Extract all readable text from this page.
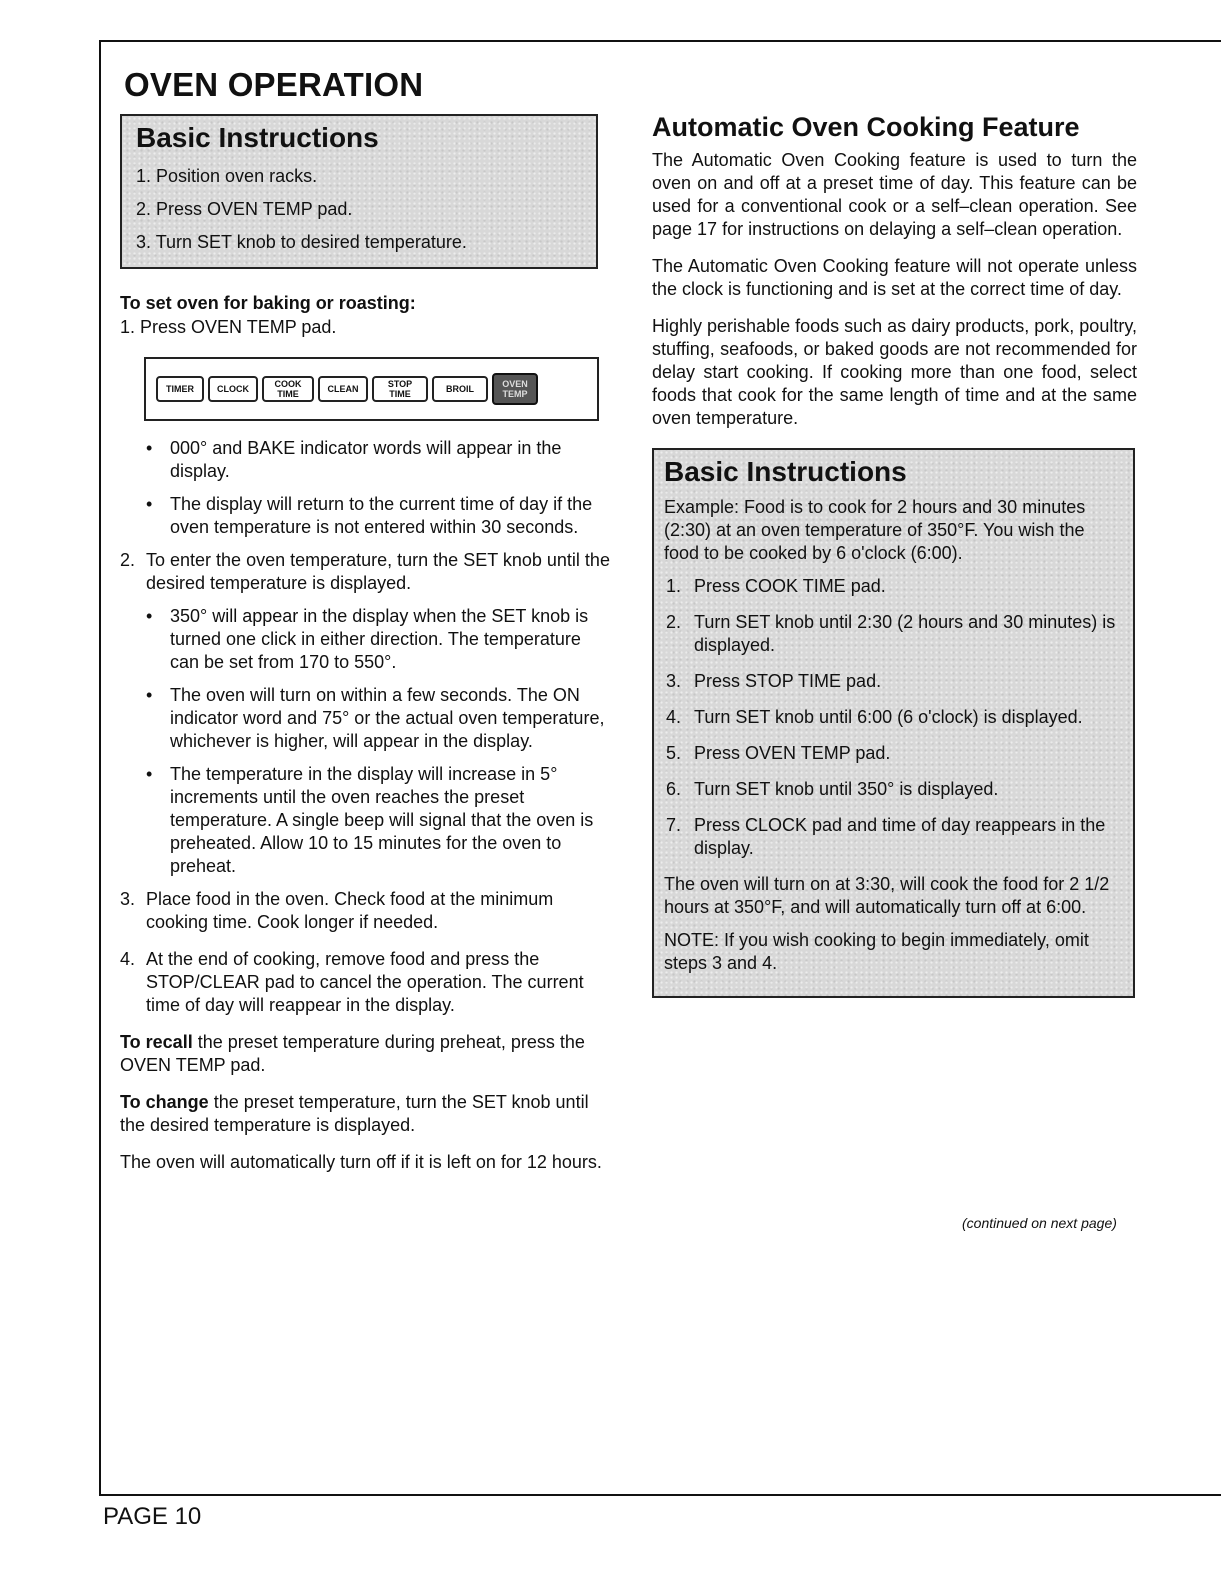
OVEN OPERATION
Basic Instructions
1. Position oven racks.
2. Press OVEN TEMP pad.
3. Turn SET knob to desired temperature.
To set oven for baking or roasting:

1. Press OVEN TEMP pad.

TIMER	CLOCK	COOK
TIME	CLEAN	STOP
TIME	BROIL	OVEN
TEMP
• 000° and BAKE indicator words will appear in the display.
• The display will return to the current time of day if the oven temperature is not entered within 30 seconds.
2. To enter the oven temperature, turn the SET knob until the desired temperature is displayed.
• 350° will appear in the display when the SET knob is turned one click in either direction. The temperature can be set from 170 to 550°.
• The oven will turn on within a few seconds. The ON indicator word and 75° or the actual oven temperature, whichever is higher, will appear in the display.
• The temperature in the display will increase in 5° increments until the oven reaches the preset temperature. A single beep will signal that the oven is preheated. Allow 10 to 15 minutes for the oven to preheat.
3. Place food in the oven. Check food at the minimum cooking time. Cook longer if needed.
4. At the end of cooking, remove food and press the STOP/CLEAR pad to cancel the operation. The current time of day will reappear in the display.

To recall the preset temperature during preheat, press the OVEN TEMP pad.

To change the preset temperature, turn the SET knob until the desired temperature is displayed.

The oven will automatically turn off if it is left on for 12 hours.

Automatic Oven Cooking Feature

The Automatic Oven Cooking feature is used to turn the oven on and off at a preset time of day. This feature can be used for a conventional cook or a self–clean operation. See page 17 for instructions on delaying a self–clean operation.

The Automatic Oven Cooking feature will not operate unless the clock is functioning and is set at the correct time of day.

Highly perishable foods such as dairy products, pork, poultry, stuffing, seafoods, or baked goods are not recommended for delay start cooking. If cooking more than one food, select foods that cook for the same length of time and at the same oven temperature.

Basic Instructions

Example: Food is to cook for 2 hours and 30 minutes (2:30) at an oven temperature of 350°F. You wish the food to be cooked by 6 o'clock (6:00).

1. Press COOK TIME pad.
2. Turn SET knob until 2:30 (2 hours and 30 minutes) is displayed.
3. Press STOP TIME pad.
4. Turn SET knob until 6:00 (6 o'clock) is displayed.
5. Press OVEN TEMP pad.
6. Turn SET knob until 350° is displayed.
7. Press CLOCK pad and time of day reappears in the display.

The oven will turn on at 3:30, will cook the food for 2 1/2 hours at 350°F, and will automatically turn off at 6:00.

NOTE: If you wish cooking to begin immediately, omit steps 3 and 4.

(continued on next page)
PAGE 10
